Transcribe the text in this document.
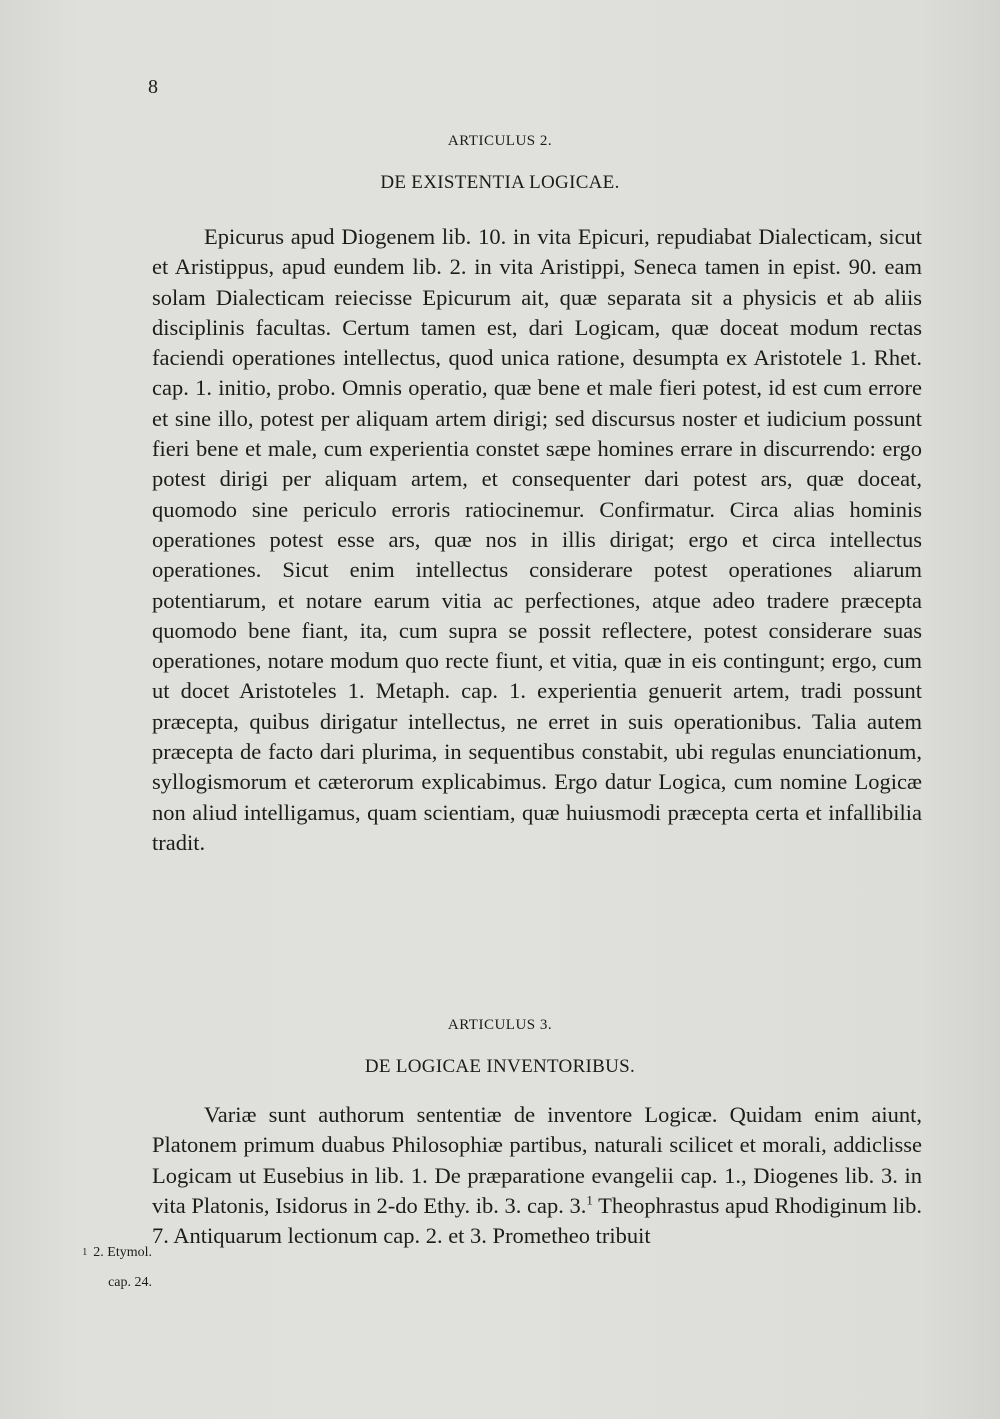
8
ARTICULUS 2.
DE EXISTENTIA LOGICAE.

Epicurus apud Diogenem lib. 10. in vita Epicuri, repudiabat Dialecticam, sicut et Aristippus, apud eundem lib. 2. in vita Aristippi, Seneca tamen in epist. 90. eam solam Dialecticam reiecisse Epicurum ait, quæ separata sit a physicis et ab aliis disciplinis facultas. Certum tamen est, dari Logicam, quæ doceat modum rectas faciendi operationes intellectus, quod unica ratione, desumpta ex Aristotele 1. Rhet. cap. 1. initio, probo. Omnis operatio, quæ bene et male fieri potest, id est cum errore et sine illo, potest per aliquam artem dirigi; sed discursus noster et iudicium possunt fieri bene et male, cum experientia constet sæpe homines errare in discurrendo: ergo potest dirigi per aliquam artem, et consequenter dari potest ars, quæ doceat, quomodo sine periculo erroris ratiocinemur. Confirmatur. Circa alias hominis operationes potest esse ars, quæ nos in illis dirigat; ergo et circa intellectus operationes. Sicut enim intellectus considerare potest operationes aliarum potentiarum, et notare earum vitia ac perfectiones, atque adeo tradere præcepta quomodo bene fiant, ita, cum supra se possit reflectere, potest considerare suas operationes, notare modum quo recte fiunt, et vitia, quæ in eis contingunt; ergo, cum ut docet Aristoteles 1. Metaph. cap. 1. experientia genuerit artem, tradi possunt præcepta, quibus dirigatur intellectus, ne erret in suis operationibus. Talia autem præcepta de facto dari plurima, in sequentibus constabit, ubi regulas enunciationum, syllogismorum et cæterorum explicabimus. Ergo datur Logica, cum nomine Logicæ non aliud intelligamus, quam scientiam, quæ huiusmodi præcepta certa et infallibilia tradit.

ARTICULUS 3.
DE LOGICAE INVENTORIBUS.

Variæ sunt authorum sententiæ de inventore Logicæ. Quidam enim aiunt, Platonem primum duabus Philosophiæ partibus, naturali scilicet et morali, addiclisse Logicam ut Eusebius in lib. 1. De præparatione evangelii cap. 1., Diogenes lib. 3. in vita Platonis, Isidorus in 2-do Ethy. ib. 3. cap. 3.$^1$ Theophrastus apud Rhodiginum lib. 7. Antiquarum lectionum cap. 2. et 3. Prometheo tribuit

$^1$ 2. Etymol.
cap. 24.
